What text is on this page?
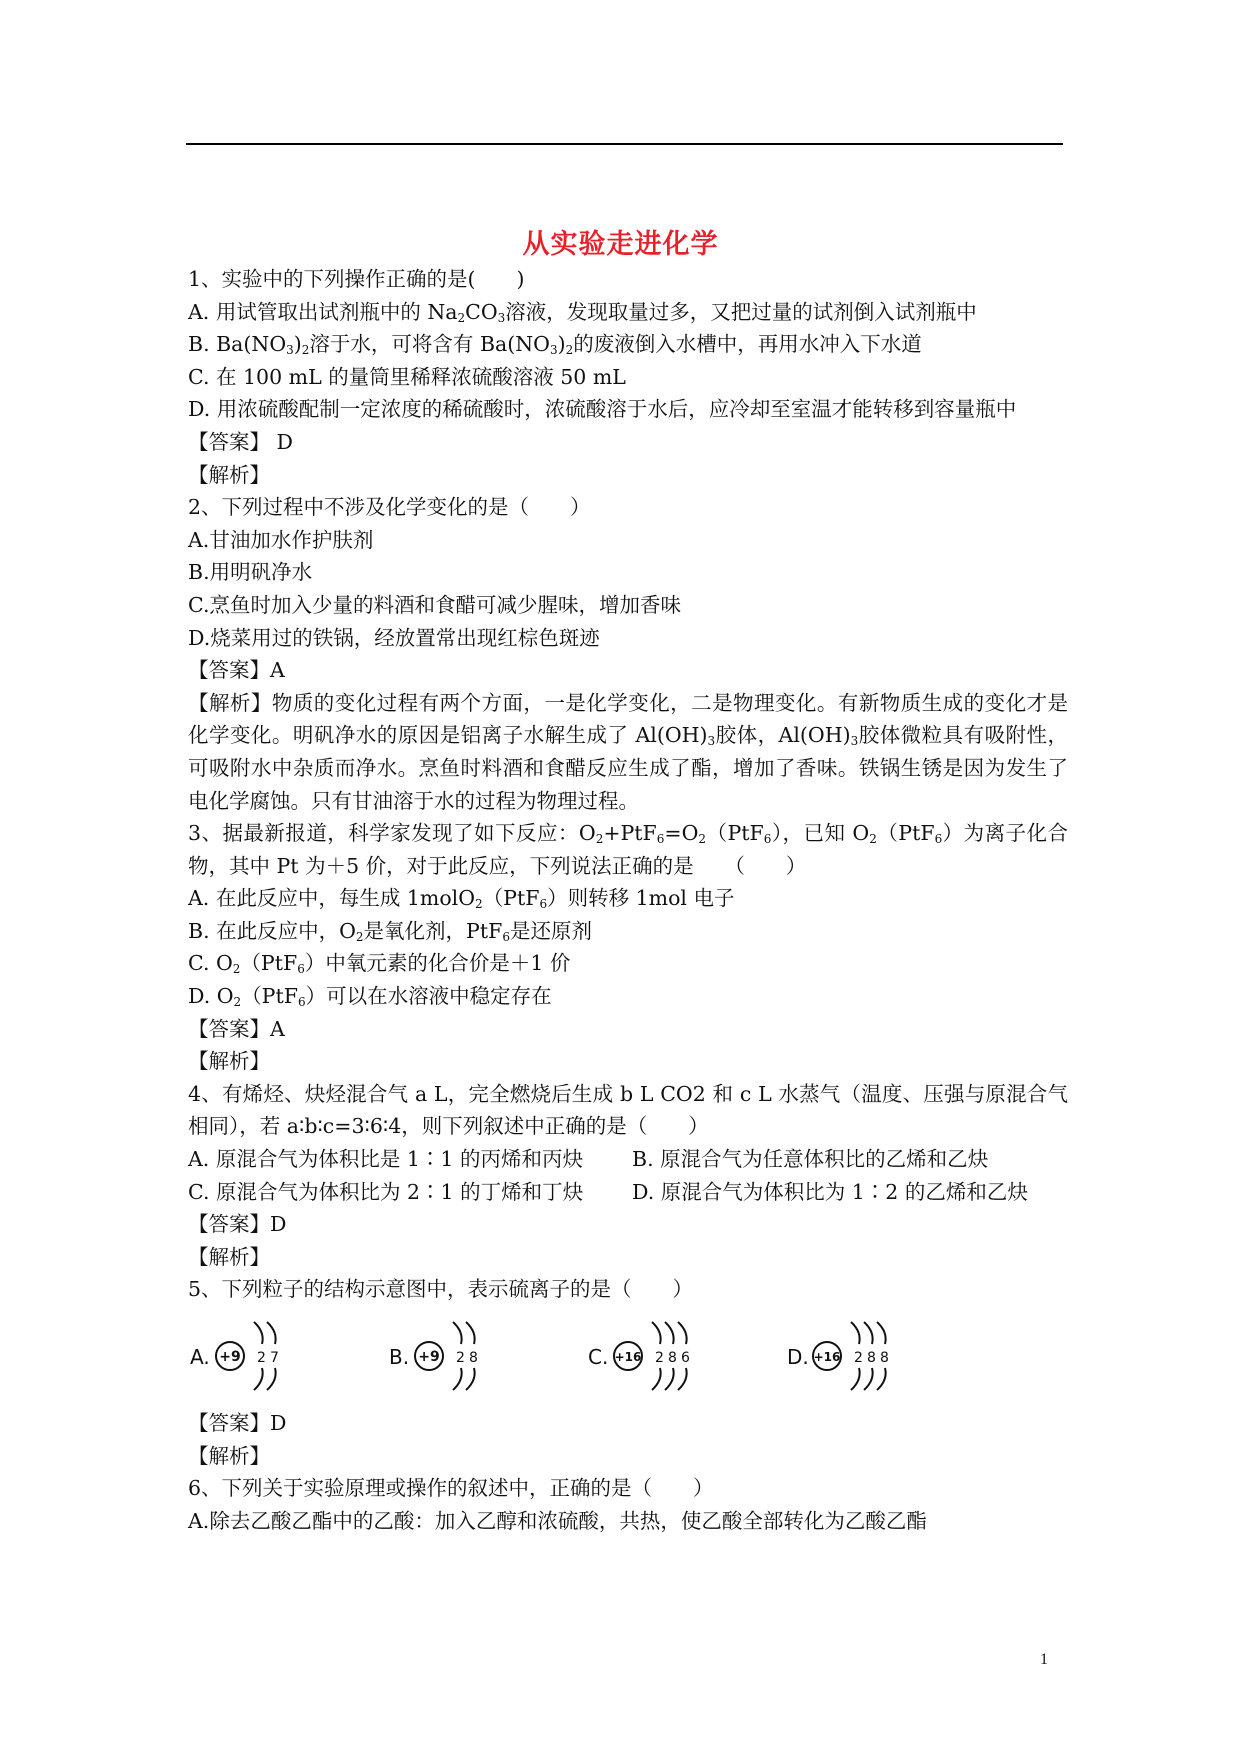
从实验走进化学
1、实验中的下列操作正确的是(　　)
A. 用试管取出试剂瓶中的 $Na_2CO_3$溶液，发现取量过多，又把过量的试剂倒入试剂瓶中
B. $Ba(NO_3)_2$溶于水，可将含有 $Ba(NO_3)_2$的废液倒入水槽中，再用水冲入下水道
C. 在 100 mL 的量筒里稀释浓硫酸溶液 50 mL
D. 用浓硫酸配制一定浓度的稀硫酸时，浓硫酸溶于水后，应冷却至室温才能转移到容量瓶中
【答案】 D
【解析】
2、下列过程中不涉及化学变化的是（　　）
A.甘油加水作护肤剂
B.用明矾净水
C.烹鱼时加入少量的料酒和食醋可减少腥味，增加香味
D.烧菜用过的铁锅，经放置常出现红棕色斑迹
【答案】A
【解析】物质的变化过程有两个方面，一是化学变化，二是物理变化。有新物质生成的变化才是化学变化。明矾净水的原因是铝离子水解生成了 $Al(OH)_3$胶体，$Al(OH)_3$胶体微粒具有吸附性，可吸附水中杂质而净水。烹鱼时料酒和食醋反应生成了酯，增加了香味。铁锅生锈是因为发生了电化学腐蚀。只有甘油溶于水的过程为物理过程。
3、据最新报道，科学家发现了如下反应：$O_2+PtF_6=O_2(PtF_6)$，已知 $O_2(PtF_6)$为离子化合物，其中 Pt 为＋5 价，对于此反应，下列说法正确的是　　（　　）
A. 在此反应中，每生成 1molO$_2$（PtF$_6$）则转移 1mol 电子
B. 在此反应中，$O_2$是氧化剂，PtF$_6$是还原剂
C. $O_2(PtF_6)$中氧元素的化合价是＋1 价
D. $O_2(PtF_6)$可以在水溶液中稳定存在
【答案】A
【解析】
4、有烯烃、炔烃混合气 a L，完全燃烧后生成 b L CO2 和 c L 水蒸气（温度、压强与原混合气相同），若 a∶b∶c=3∶6∶4，则下列叙述中正确的是（　　）
A. 原混合气为体积比是 1∶1 的丙烯和丙炔	B. 原混合气为任意体积比的乙烯和乙炔
C. 原混合气为体积比为 2∶1 的丁烯和丁炔	D. 原混合气为体积比为 1∶2 的乙烯和乙炔
【答案】D
【解析】
5、下列粒子的结构示意图中，表示硫离子的是（　　）
A. +9 2 7	B. +9 2 8	C. +16 2 8 6	D. +16 2 8 8
【答案】D
【解析】
6、下列关于实验原理或操作的叙述中，正确的是（　　）
A.除去乙酸乙酯中的乙酸：加入乙醇和浓硫酸，共热，使乙酸全部转化为乙酸乙酯
1
